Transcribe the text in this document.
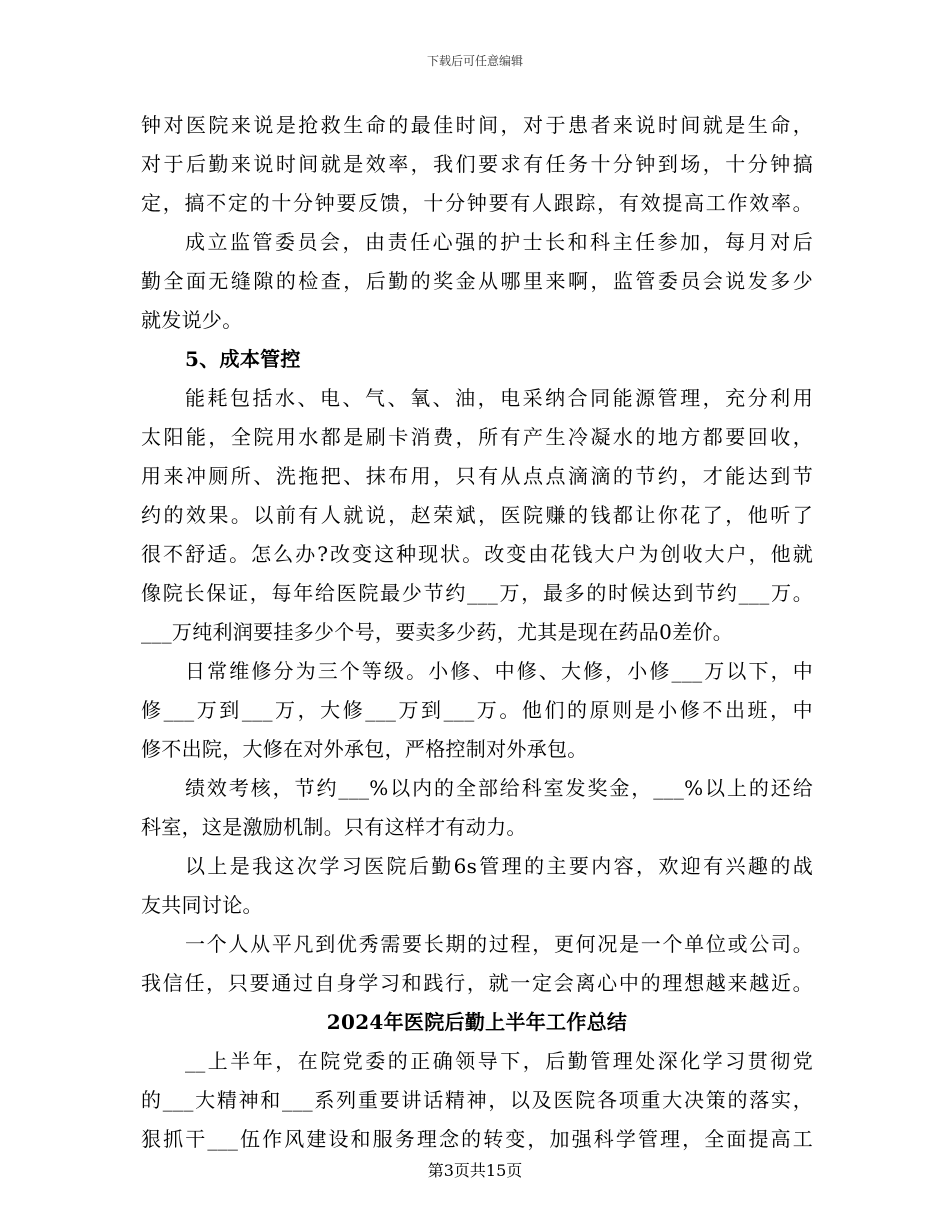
下载后可任意编辑
钟对医院来说是抢救生命的最佳时间，对于患者来说时间就是生命，
对于后勤来说时间就是效率，我们要求有任务十分钟到场，十分钟搞
定，搞不定的十分钟要反馈，十分钟要有人跟踪，有效提高工作效率。
成立监管委员会，由责任心强的护士长和科主任参加，每月对后
勤全面无缝隙的检查，后勤的奖金从哪里来啊，监管委员会说发多少
就发说少。
5、成本管控
能耗包括水、电、气、氧、油，电采纳合同能源管理，充分利用
太阳能，全院用水都是刷卡消费，所有产生冷凝水的地方都要回收，
用来冲厕所、洗拖把、抹布用，只有从点点滴滴的节约，才能达到节
约的效果。以前有人就说，赵荣斌，医院赚的钱都让你花了，他听了
很不舒适。怎么办?改变这种现状。改变由花钱大户为创收大户，他就
像院长保证，每年给医院最少节约___万，最多的时候达到节约___万。
___万纯利润要挂多少个号，要卖多少药，尤其是现在药品0差价。
日常维修分为三个等级。小修、中修、大修，小修___万以下，中
修___万到___万，大修___万到___万。他们的原则是小修不出班，中
修不出院，大修在对外承包，严格控制对外承包。
绩效考核，节约___%以内的全部给科室发奖金，___%以上的还给
科室，这是激励机制。只有这样才有动力。
以上是我这次学习医院后勤6s管理的主要内容，欢迎有兴趣的战
友共同讨论。
一个人从平凡到优秀需要长期的过程，更何况是一个单位或公司。
我信任，只要通过自身学习和践行，就一定会离心中的理想越来越近。
2024年医院后勤上半年工作总结
__上半年，在院党委的正确领导下，后勤管理处深化学习贯彻党
的___大精神和___系列重要讲话精神，以及医院各项重大决策的落实，
狠抓干___伍作风建设和服务理念的转变，加强科学管理，全面提高工
第3页共15页
